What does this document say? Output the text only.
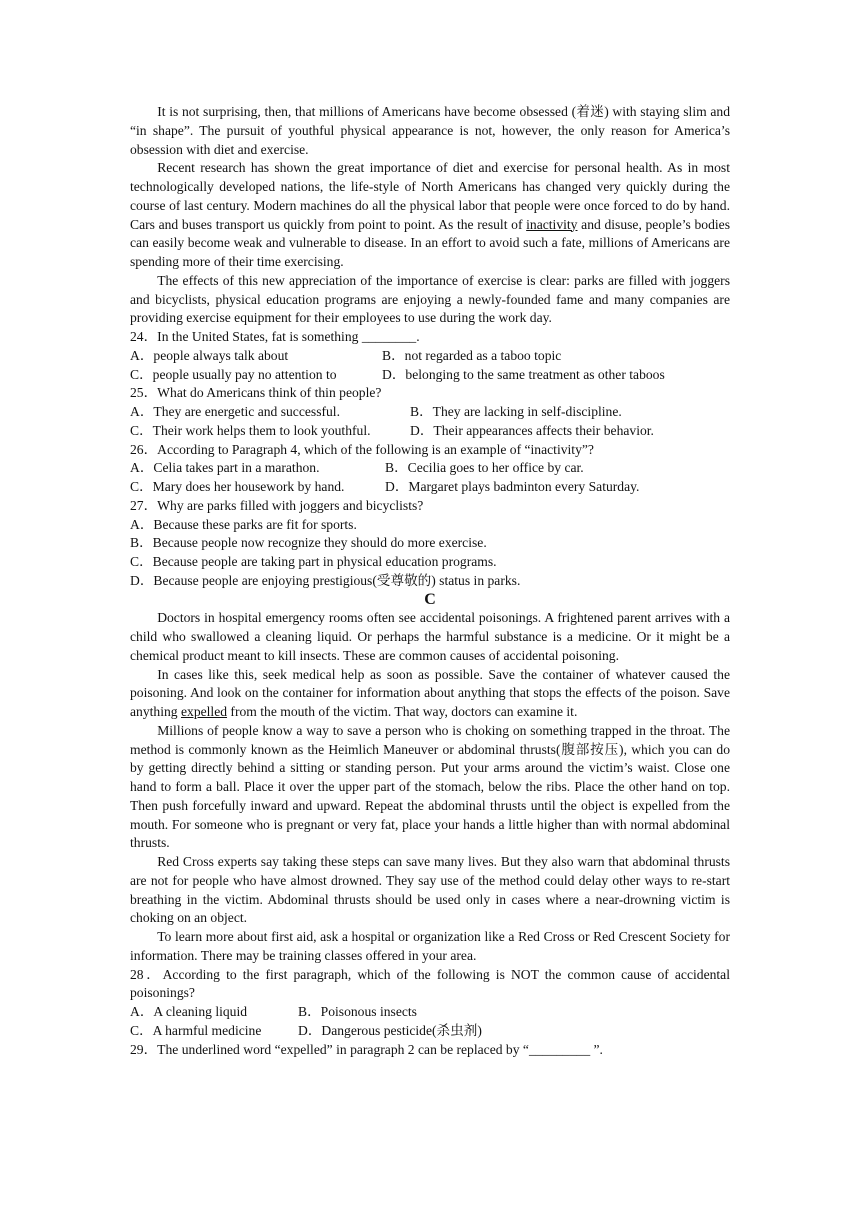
It is not surprising, then, that millions of Americans have become obsessed (着迷) with staying slim and “in shape”. The pursuit of youthful physical appearance is not, however, the only reason for America’s obsession with diet and exercise.

Recent research has shown the great importance of diet and exercise for personal health. As in most technologically developed nations, the life-style of North Americans has changed very quickly during the course of last century. Modern machines do all the physical labor that people were once forced to do by hand. Cars and buses transport us quickly from point to point. As the result of inactivity and disuse, people’s bodies can easily become weak and vulnerable to disease. In an effort to avoid such a fate, millions of Americans are spending more of their time exercising.

The effects of this new appreciation of the importance of exercise is clear: parks are filled with joggers and bicyclists, physical education programs are enjoying a newly-founded fame and many companies are providing exercise equipment for their employees to use during the work day.

24．In the United States, fat is something ________.

A．people always talk about	B．not regarded as a taboo topic
C．people usually pay no attention to	D．belonging to the same treatment as other taboos

25．What do Americans think of thin people?

A．They are energetic and successful.	B．They are lacking in self-discipline.
C．Their work helps them to look youthful.	D．Their appearances affects their behavior.

26．According to Paragraph 4, which of the following is an example of “inactivity”?

A．Celia takes part in a marathon.	B．Cecilia goes to her office by car.
C．Mary does her housework by hand.	D．Margaret plays badminton every Saturday.

27．Why are parks filled with joggers and bicyclists?

A．Because these parks are fit for sports.
B．Because people now recognize they should do more exercise.
C．Because people are taking part in physical education programs.
D．Because people are enjoying prestigious(受尊敬的) status in parks.

C

Doctors in hospital emergency rooms often see accidental poisonings. A frightened parent arrives with a child who swallowed a cleaning liquid. Or perhaps the harmful substance is a medicine. Or it might be a chemical product meant to kill insects. These are common causes of accidental poisoning.

In cases like this, seek medical help as soon as possible. Save the container of whatever caused the poisoning. And look on the container for information about anything that stops the effects of the poison. Save anything expelled from the mouth of the victim. That way, doctors can examine it.

Millions of people know a way to save a person who is choking on something trapped in the throat. The method is commonly known as the Heimlich Maneuver or abdominal thrusts(腹部按压), which you can do by getting directly behind a sitting or standing person. Put your arms around the victim’s waist. Close one hand to form a ball. Place it over the upper part of the stomach, below the ribs. Place the other hand on top. Then push forcefully inward and upward. Repeat the abdominal thrusts until the object is expelled from the mouth. For someone who is pregnant or very fat, place your hands a little higher than with normal abdominal thrusts.

Red Cross experts say taking these steps can save many lives. But they also warn that abdominal thrusts are not for people who have almost drowned. They say use of the method could delay other ways to re-start breathing in the victim. Abdominal thrusts should be used only in cases where a near-drowning victim is choking on an object.

To learn more about first aid, ask a hospital or organization like a Red Cross or Red Crescent Society for information. There may be training classes offered in your area.

28．According to the first paragraph, which of the following is NOT the common cause of accidental poisonings?

A．A cleaning liquid	B．Poisonous insects
C．A harmful medicine	D．Dangerous pesticide(杀虫剂)

29．The underlined word “expelled” in paragraph 2 can be replaced by “_________ ”.
